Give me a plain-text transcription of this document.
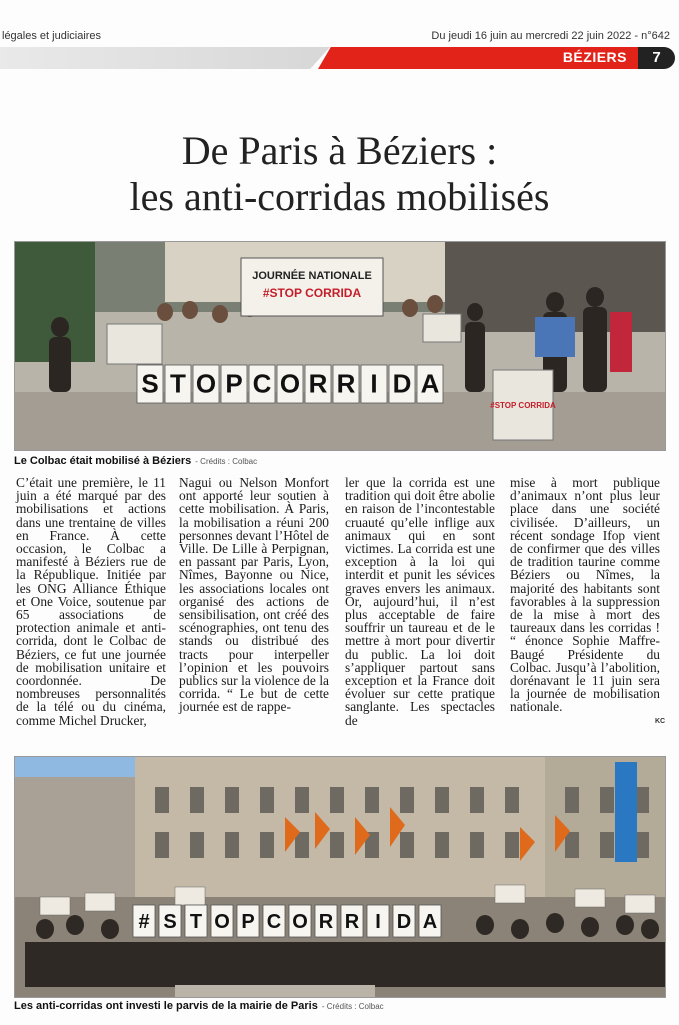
légales et judiciaires	Du jeudi 16 juin au mercredi 22 juin 2022 - n°642
BÉZIERS	7
De Paris à Béziers :
les anti-corridas mobilisés
JOURNÉE NATIONALE
#STOP CORRIDA
#STOP CORRIDA
S T O P C O R R I D A
Le Colbac était mobilisé à Béziers - Crédits : Colbac
C’était une première, le 11 juin a été marqué par des mobilisations et actions dans une trentaine de villes en France. À cette occasion, le Colbac a manifesté à Béziers rue de la République. Initiée par les ONG Alliance Éthique et One Voice, soutenue par 65 associations de protection animale et anti-corrida, dont le Colbac de Béziers, ce fut une journée de mobilisation unitaire et coordonnée. De nombreuses personnalités de la télé ou du cinéma, comme Michel Drucker,
Nagui ou Nelson Monfort ont apporté leur soutien à cette mobilisation. À Paris, la mobilisation a réuni 200 personnes devant l’Hôtel de Ville. De Lille à Perpignan, en passant par Paris, Lyon, Nîmes, Bayonne ou Nice, les associations locales ont organisé des actions de sensibilisation, ont créé des scénographies, ont tenu des stands ou distribué des tracts pour interpeller l’opinion et les pouvoirs publics sur la violence de la corrida. “ Le but de cette journée est de rappe-
ler que la corrida est une tradition qui doit être abolie en raison de l’incontestable cruauté qu’elle inflige aux animaux qui en sont victimes. La corrida est une exception à la loi qui interdit et punit les sévices graves envers les animaux. Or, aujourd’hui, il n’est plus acceptable de faire souffrir un taureau et de le mettre à mort pour divertir du public. La loi doit s’appliquer partout sans exception et la France doit évoluer sur cette pratique sanglante. Les spectacles de
mise à mort publique d’animaux n’ont plus leur place dans une société civilisée. D’ailleurs, un récent sondage Ifop vient de confirmer que des villes de tradition taurine comme Béziers ou Nîmes, la majorité des habitants sont favorables à la suppression de la mise à mort des taureaux dans les corridas ! “ énonce Sophie Maffre-Baugé Présidente du Colbac. Jusqu’à l’abolition, dorénavant le 11 juin sera la journée de mobilisation nationale.
KC
# S T O P C O R R I D A
Les anti-corridas ont investi le parvis de la mairie de Paris - Crédits : Colbac
